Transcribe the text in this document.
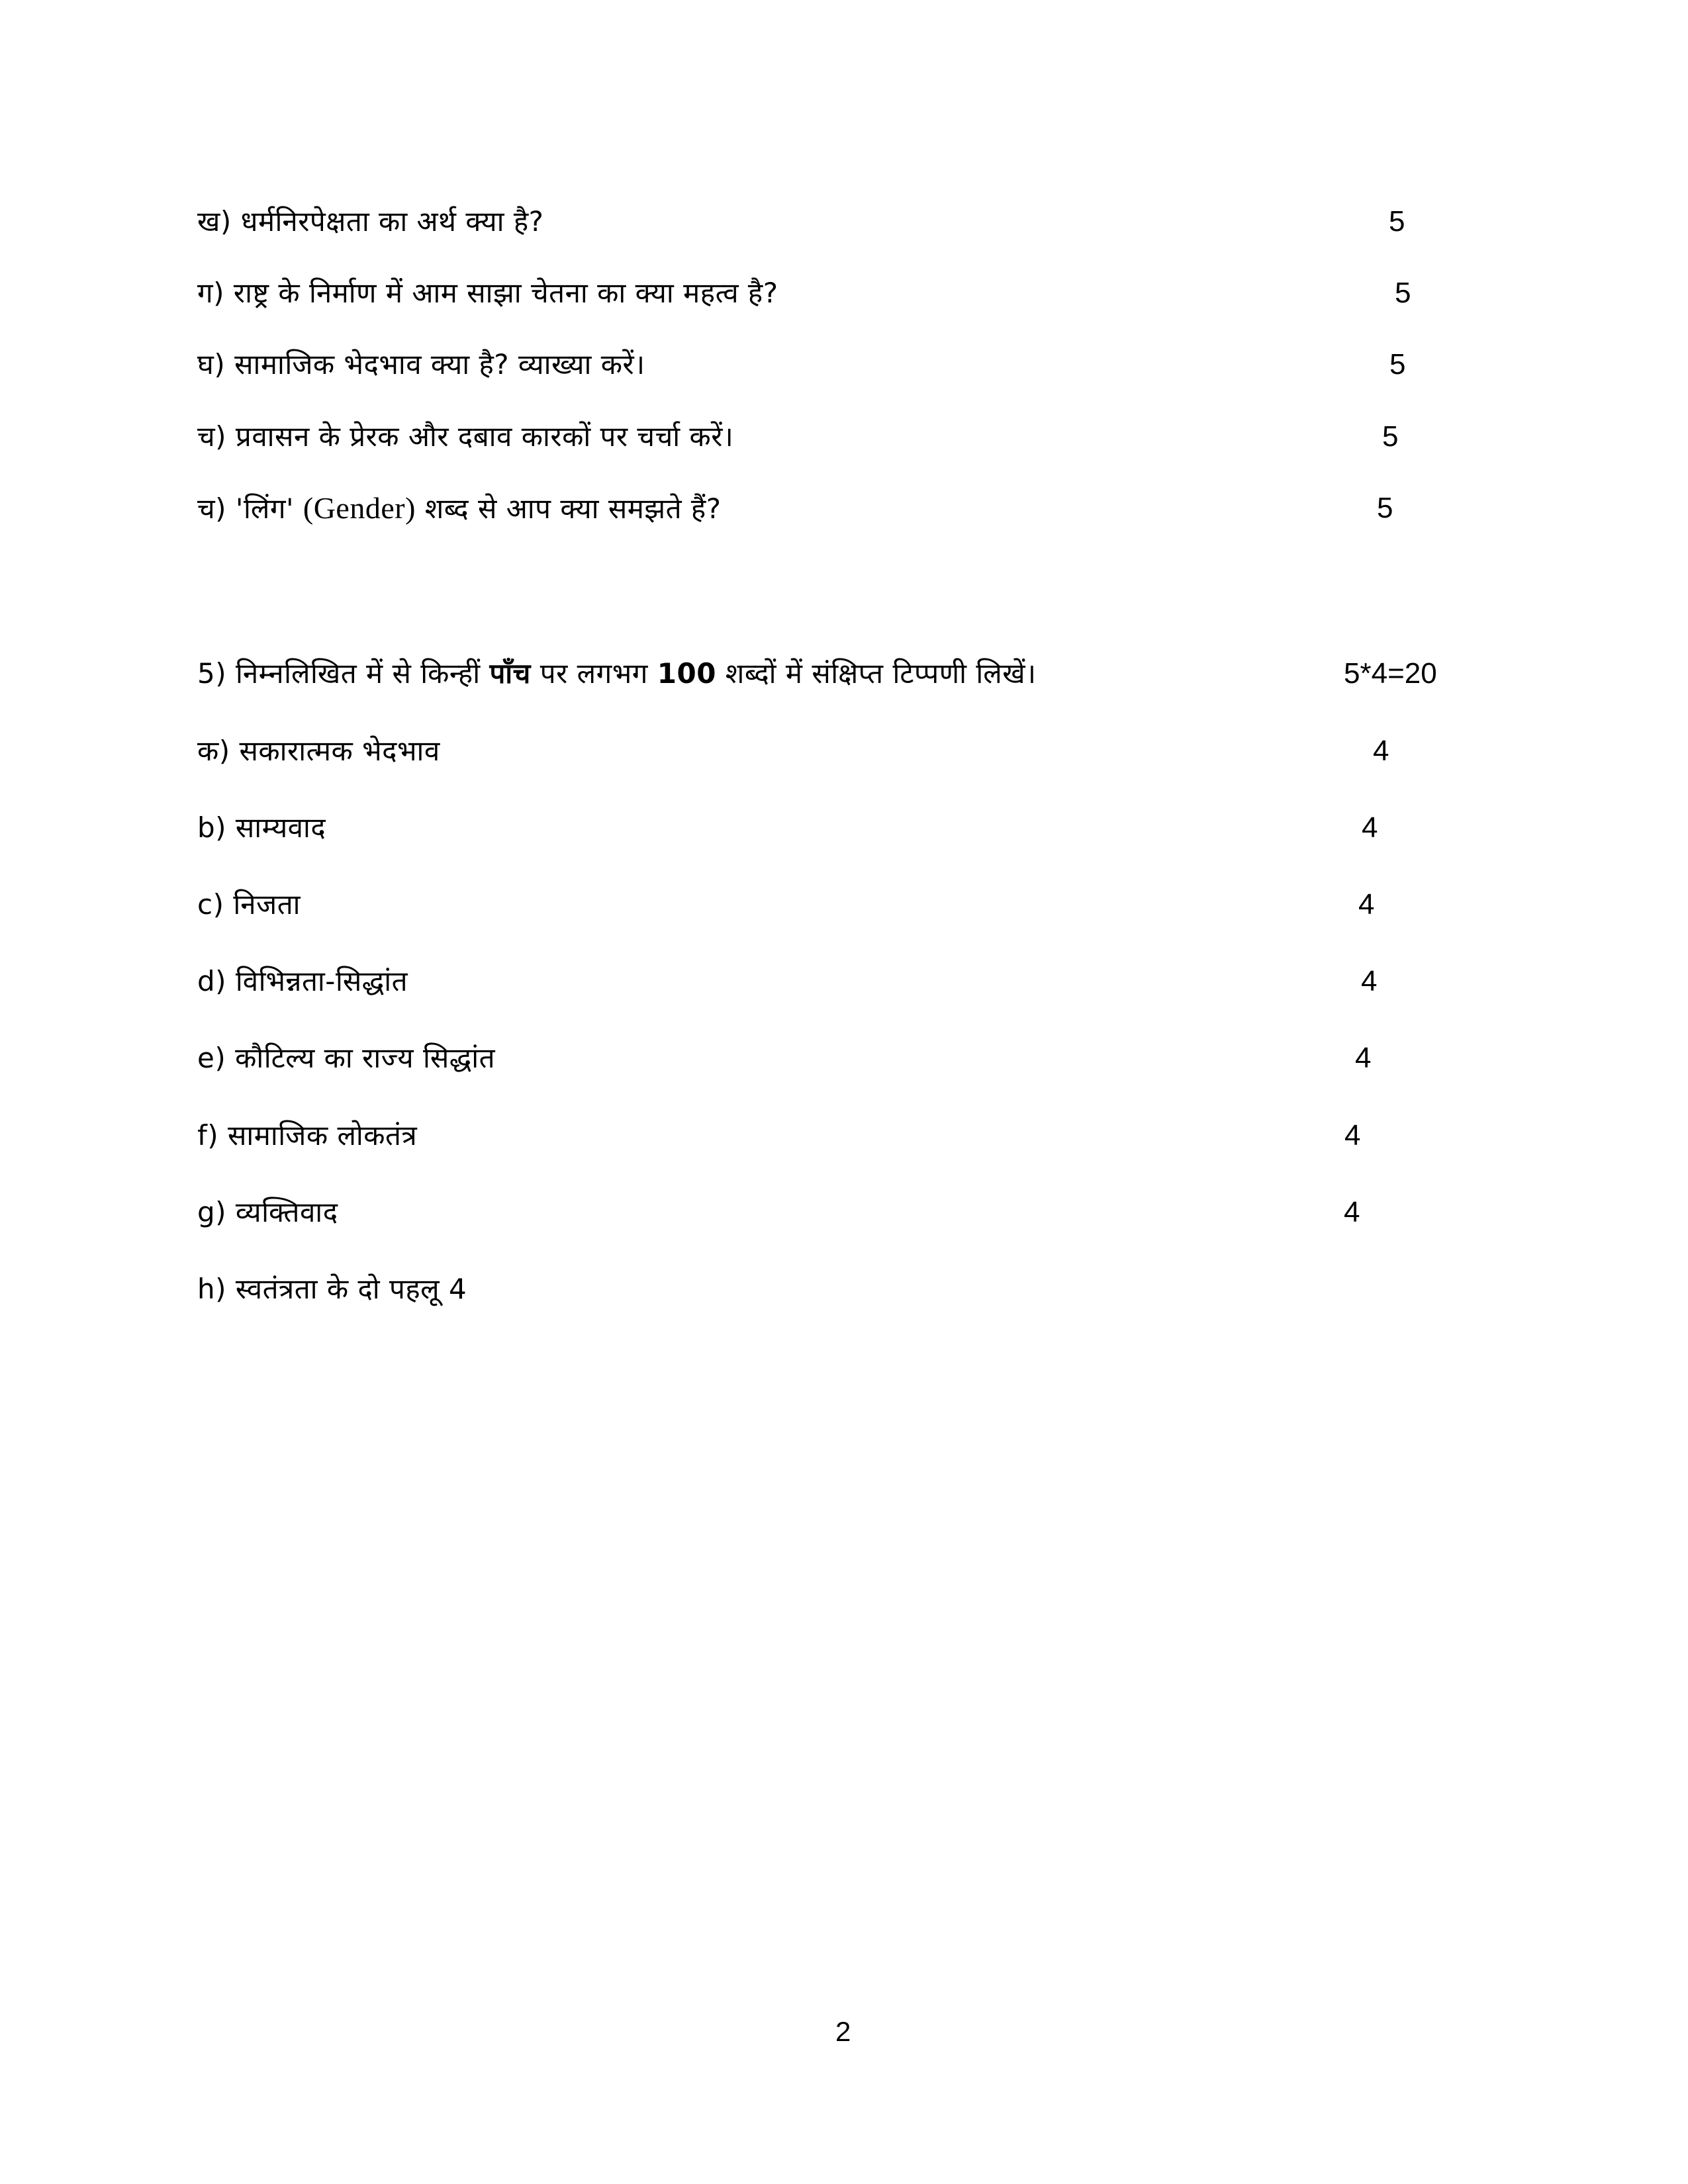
ख) धर्मनिरपेक्षता का अर्थ क्या है?	5
ग) राष्ट्र के निर्माण में आम साझा चेतना का क्या महत्व है?	5
घ) सामाजिक भेदभाव क्या है? व्याख्या करें।	5
च) प्रवासन के प्रेरक और दबाव कारकों पर चर्चा करें।	5
च) 'लिंग' (Gender) शब्द से आप क्या समझते हैं?	5
5) निम्नलिखित में से किन्हीं पाँच पर लगभग 100 शब्दों में संक्षिप्त टिप्पणी लिखें।	5*4=20
क) सकारात्मक भेदभाव	4
b) साम्यवाद	4
c) निजता	4
d) विभिन्नता-सिद्धांत	4
e) कौटिल्य का राज्य सिद्धांत	4
f) सामाजिक लोकतंत्र	4
g) व्यक्तिवाद	4
h) स्वतंत्रता के दो पहलू 4
2
